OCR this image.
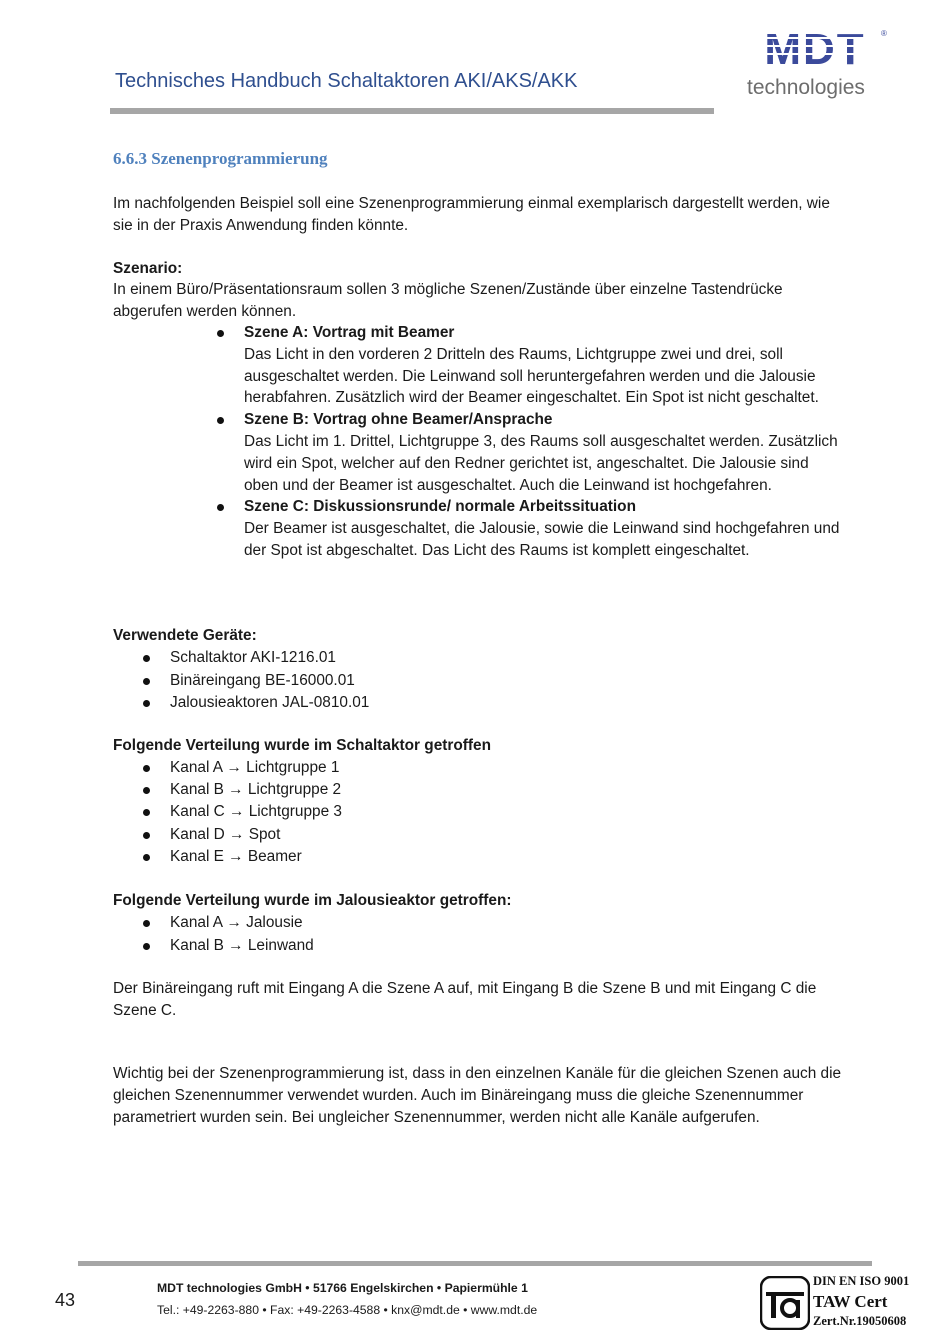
Technisches Handbuch Schaltaktoren AKI/AKS/AKK
MDT ®
technologies
6.6.3 Szenenprogrammierung
Im nachfolgenden Beispiel soll eine Szenenprogrammierung einmal exemplarisch dargestellt werden, wie sie in der Praxis Anwendung finden könnte.
Szenario:
In einem Büro/Präsentationsraum sollen 3 mögliche Szenen/Zustände über einzelne Tastendrücke abgerufen werden können.
Szene A: Vortrag mit Beamer
Das Licht in den vorderen 2 Dritteln des Raums, Lichtgruppe zwei und drei, soll ausgeschaltet werden. Die Leinwand soll heruntergefahren werden und die Jalousie herabfahren. Zusätzlich wird der Beamer eingeschaltet. Ein Spot ist nicht geschaltet.
Szene B: Vortrag ohne Beamer/Ansprache
Das Licht im 1. Drittel, Lichtgruppe 3, des Raums soll ausgeschaltet werden. Zusätzlich wird ein Spot, welcher auf den Redner gerichtet ist, angeschaltet. Die Jalousie sind oben und der Beamer ist ausgeschaltet. Auch die Leinwand ist hochgefahren.
Szene C: Diskussionsrunde/ normale Arbeitssituation
Der Beamer ist ausgeschaltet, die Jalousie, sowie die Leinwand sind hochgefahren und der Spot ist abgeschaltet. Das Licht des Raums ist komplett eingeschaltet.
Verwendete Geräte:
Schaltaktor AKI-1216.01
Binäreingang BE-16000.01
Jalousieaktoren JAL-0810.01
Folgende Verteilung wurde im Schaltaktor getroffen
Kanal A → Lichtgruppe 1
Kanal B → Lichtgruppe 2
Kanal C → Lichtgruppe 3
Kanal D → Spot
Kanal E → Beamer
Folgende Verteilung wurde im Jalousieaktor getroffen:
Kanal A → Jalousie
Kanal B → Leinwand
Der Binäreingang ruft mit Eingang A die Szene A auf, mit Eingang B die Szene B und mit Eingang C die Szene C.
Wichtig bei der Szenenprogrammierung ist, dass in den einzelnen Kanäle für die gleichen Szenen auch die gleichen Szenennummer verwendet wurden. Auch im Binäreingang muss die gleiche Szenennummer parametriert wurden sein. Bei ungleicher Szenennummer, werden nicht alle Kanäle aufgerufen.
43
MDT technologies GmbH • 51766 Engelskirchen • Papiermühle 1
Tel.: +49-2263-880 • Fax: +49-2263-4588 • knx@mdt.de • www.mdt.de
DIN EN ISO 9001
TAW Cert
Zert.Nr.19050608
